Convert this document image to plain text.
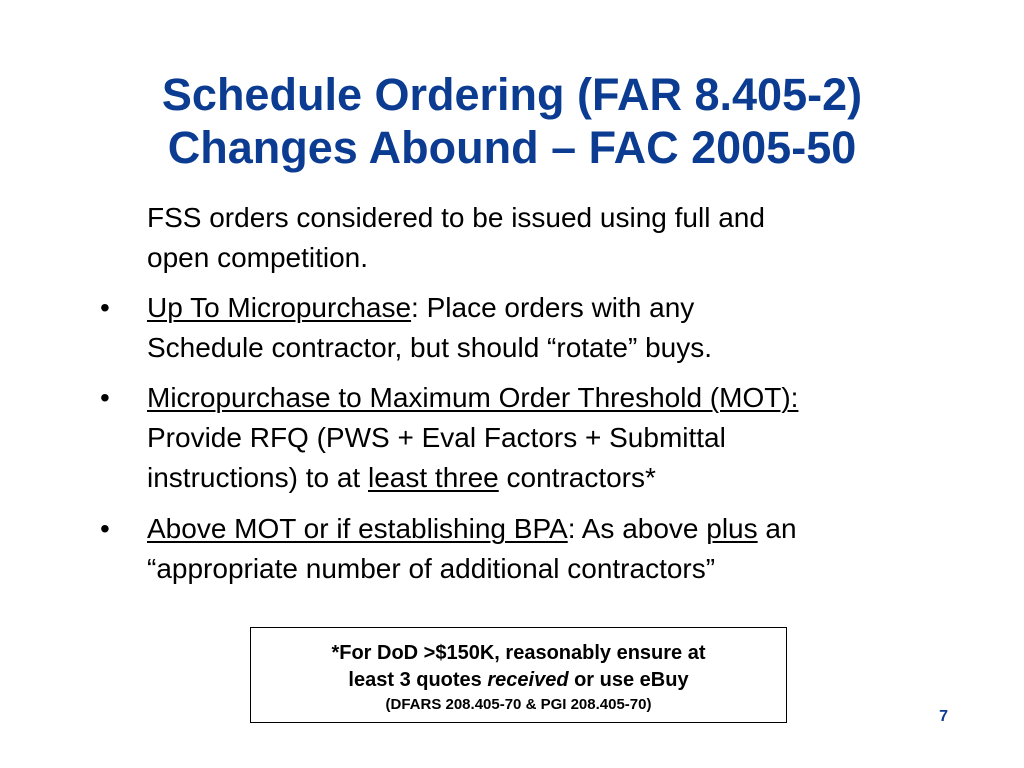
Schedule Ordering (FAR 8.405-2)
Changes Abound – FAC 2005-50
FSS orders considered to be issued using full and
open competition.
•	Up To Micropurchase: Place orders with any
Schedule contractor, but should “rotate” buys.
•	Micropurchase to Maximum Order Threshold (MOT):
Provide RFQ (PWS + Eval Factors + Submittal
instructions) to at least three contractors*
•	Above MOT or if establishing BPA: As above plus an
“appropriate number of additional contractors”
*For DoD >$150K, reasonably ensure at
least 3 quotes received or use eBuy
(DFARS 208.405-70 & PGI 208.405-70)
7
